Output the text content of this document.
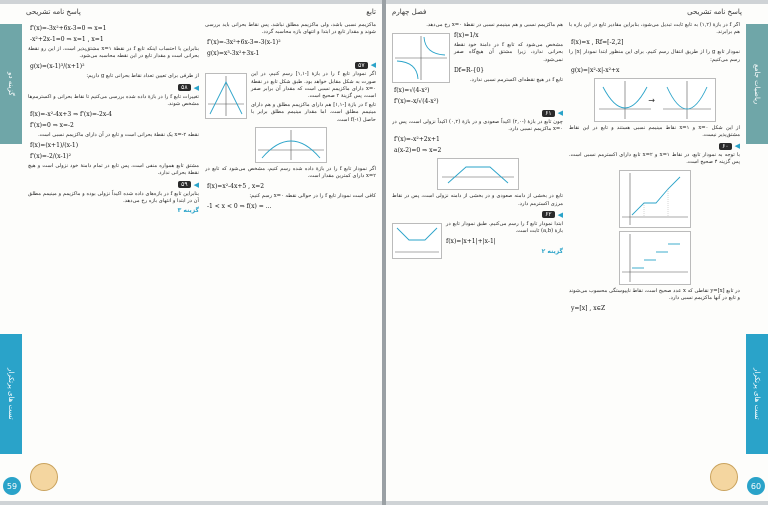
گزینه دو
تست های پرتکرار
59
پاسخ نامه تشریحی	تابع
f'(x)=-3x²+6x-3=0 ⇒ x=1
-x²+2x-1=0 ⇒ x=1 , x=1

بنابراین با احتساب اینکه تابع f در نقطهٔ x=۱ مشتق‌پذیر است، از این رو نقطهٔ بحرانی است و مقدار تابع در این نقطه محاسبه می‌شود.

g(x)=(x-1)³/(x+1)²

از طرفی برای تعیین تعداد نقاط بحرانی تابع g داریم:

◀
۵۸

تغییرات تابع f را در بازهٔ داده شده بررسی می‌کنیم تا نقاط بحرانی و اکسترمم‌ها مشخص شوند.

f(x)=-x²-4x+3 ⇒ f'(x)=-2x-4
f'(x)=0 ⇒ x=-2

نقطه x=-۲ یک نقطهٔ بحرانی است و تابع در آن دارای ماکزیمم نسبی است.

f(x)=(x+1)/(x-1)
f'(x)=-2/(x-1)²

مشتق تابع همواره منفی است، پس تابع در تمام دامنهٔ خود نزولی است و هیچ نقطهٔ بحرانی ندارد.

◀
۵۹

بنابراین تابع f در بازه‌های داده شده اکیداً نزولی بوده و ماکزیمم و مینیمم مطلق آن در ابتدا و انتهای بازه رخ می‌دهد.

گزینه ۳

ماکزیمم نسبی باشد، ولی ماکزیمم مطلق نباشد. پس نقاط بحرانی باید بررسی شوند و مقدار تابع در ابتدا و انتهای بازه محاسبه گردد.

f'(x)=-3x²+6x-3=-3(x-1)²
g(x)=x³-3x²+3x-1
◀
۵۷

اگر نمودار تابع f را در بازهٔ [-۱,۱] رسم کنیم، در این صورت به شکل مقابل خواهد بود. طبق شکل تابع در نقطهٔ x=۰ دارای ماکزیمم نسبی است که مقدار آن برابر صفر است، پس گزینهٔ ۲ صحیح است.

تابع f در بازهٔ [-۱,۱] هم دارای ماکزیمم مطلق و هم دارای مینیمم مطلق است. اما مقدار مینیمم مطلق برابر با حاصل f(-۱) است.

اگر نمودار تابع f را در بازهٔ داده شده رسم کنیم، مشخص می‌شود که تابع در x=۲ دارای کمترین مقدار است.

f(x)=x²-4x+5 , x=2

کافی است نمودار تابع f را در حوالی نقطه x=۰ رسم کنیم:

-1 < x < 0 ⇒ f(x) = ...
ریاضیات جامع
تست های پرتکرار
60
فصل چهارم	پاسخ نامه تشریحی

هم ماکزیمم نسبی و هم مینیمم نسبی در نقطهٔ x=۰ رخ می‌دهد.

f(x)=1/x

مشخص می‌شود که تابع f در دامنهٔ خود نقطهٔ بحرانی ندارد، زیرا مشتق آن هیچ‌گاه صفر نمی‌شود.

Df=R-{0}

تابع f در هیچ نقطه‌ای اکسترمم نسبی ندارد.

f(x)=√(4-x²)
f'(x)=-x/√(4-x²)
◀
۶۱

چون تابع در بازهٔ (-۲,۰) اکیداً صعودی و در بازهٔ (۰,۲) اکیداً نزولی است، پس در x=۰ ماکزیمم نسبی دارد.

f'(x)=-x²+2x+1
a(x-2)=0 ⇒ x=2

تابع در بخشی از دامنه صعودی و در بخشی از دامنه نزولی است، پس در نقاط مرزی اکسترمم دارد.

◀
۶۲

ابتدا نمودار تابع f را رسم می‌کنیم. طبق نمودار تابع در بازهٔ (a,b) ثابت است.

f(x)=|x+1|+|x-1|
گزینه ۲

اگر f در بازهٔ (۱,۲) به تابع ثابت تبدیل می‌شود، بنابراین مقادیر تابع در این بازه با هم برابرند.

f(x)=x , Rf=[-2,2]

نمودار تابع g را از طریق انتقال رسم کنیم. برای این منظور ابتدا نمودار |x| را رسم می‌کنیم:

g(x)=|x²-x|-x²+x
→

از این شکل x=۰ و x=۱ نقاط مینیمم نسبی هستند و تابع در این نقاط مشتق‌پذیر نیست.

◀
۶۰

با توجه به نمودار تابع، در نقاط x=۱ و x=۲ تابع دارای اکسترمم نسبی است. پس گزینه ۴ صحیح است.

در تابع y=[x] نقاطی که x عدد صحیح است، نقاط ناپیوستگی محسوب می‌شوند و تابع در آنها ماکزیمم نسبی دارد.

y=[x] , x∈Z
